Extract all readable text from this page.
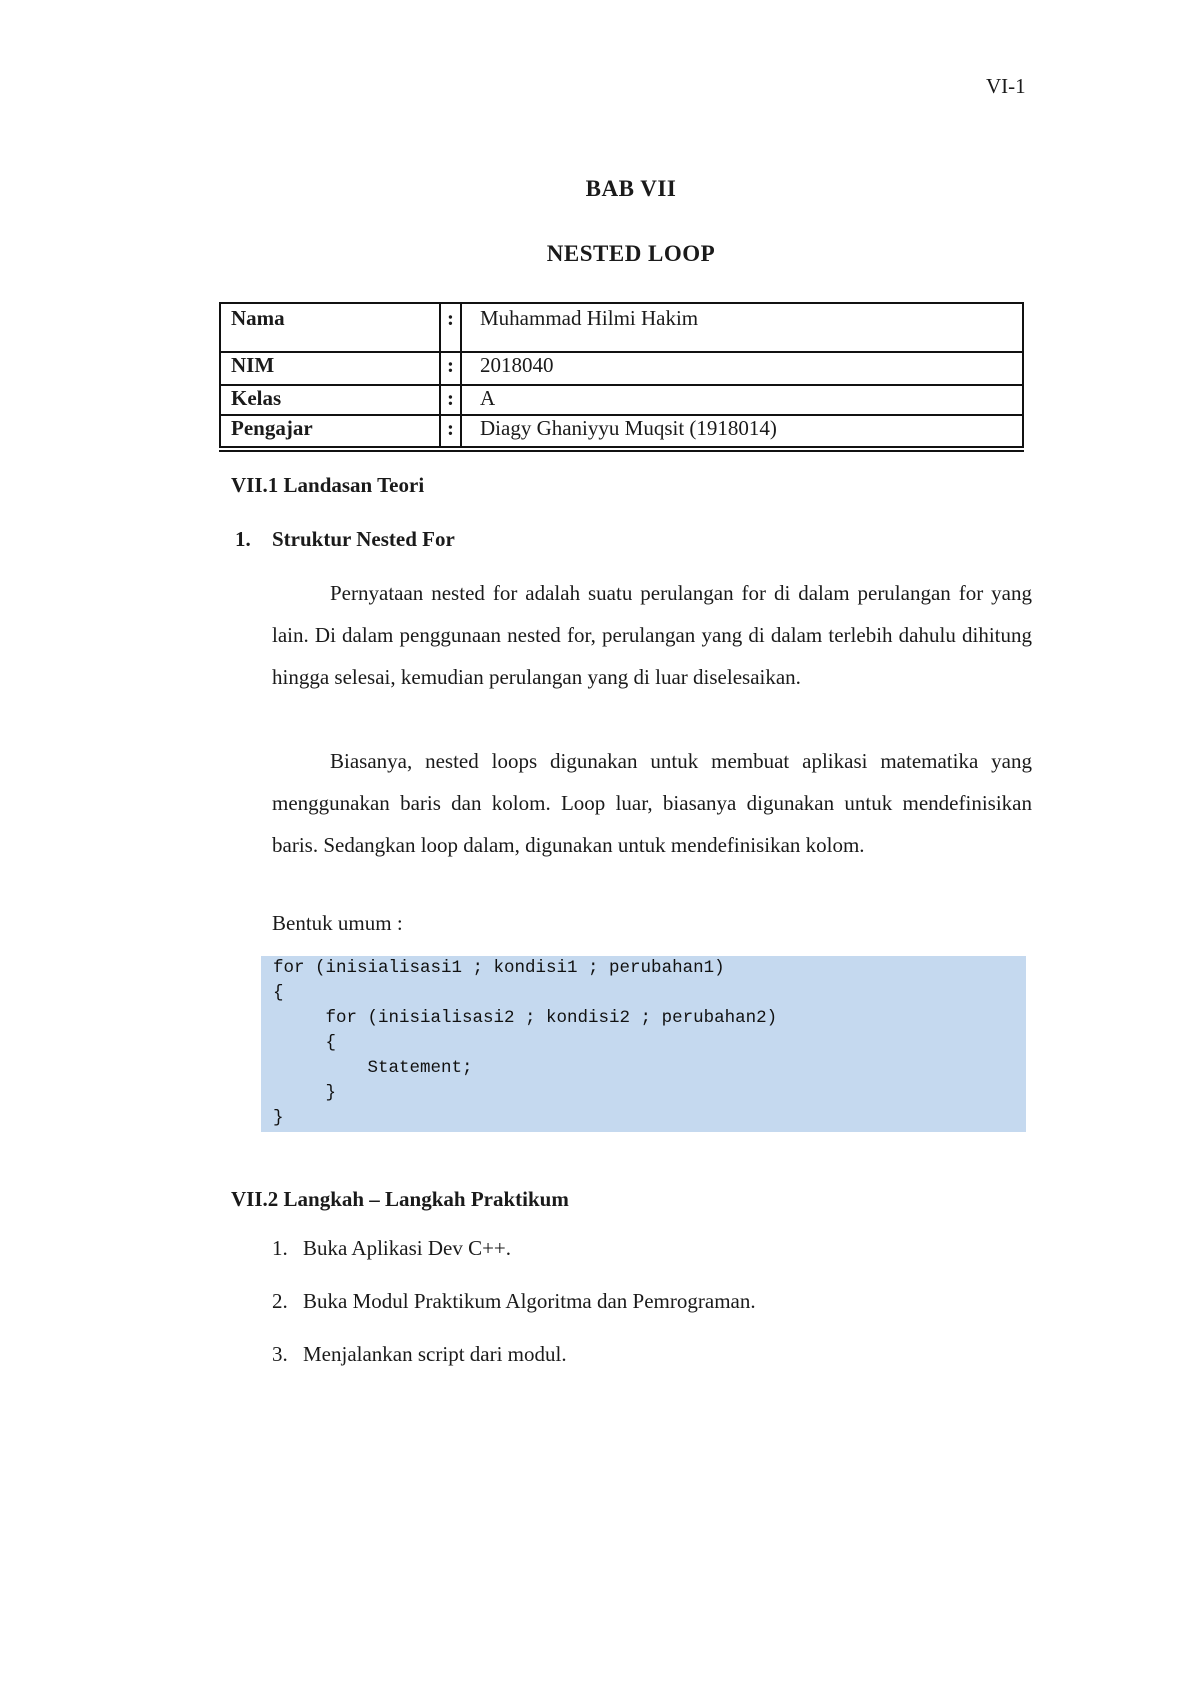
VI-1
BAB VII
NESTED LOOP
Nama	:	Muhammad Hilmi Hakim
NIM	:	2018040
Kelas	:	A
Pengajar	:	Diagy Ghaniyyu Muqsit (1918014)
VII.1 Landasan Teori
1. Struktur Nested For

Pernyataan nested for adalah suatu perulangan for di dalam perulangan for yang lain. Di dalam penggunaan nested for, perulangan yang di dalam terlebih dahulu dihitung hingga selesai, kemudian perulangan yang di luar diselesaikan.

Biasanya, nested loops digunakan untuk membuat aplikasi matematika yang menggunakan baris dan kolom. Loop luar, biasanya digunakan untuk mendefinisikan baris. Sedangkan loop dalam, digunakan untuk mendefinisikan kolom.

Bentuk umum :
for (inisialisasi1 ; kondisi1 ; perubahan1)
{
for (inisialisasi2 ; kondisi2 ; perubahan2)
{
Statement;
}
}
VII.2 Langkah – Langkah Praktikum
1. Buka Aplikasi Dev C++.
2. Buka Modul Praktikum Algoritma dan Pemrograman.
3. Menjalankan script dari modul.
